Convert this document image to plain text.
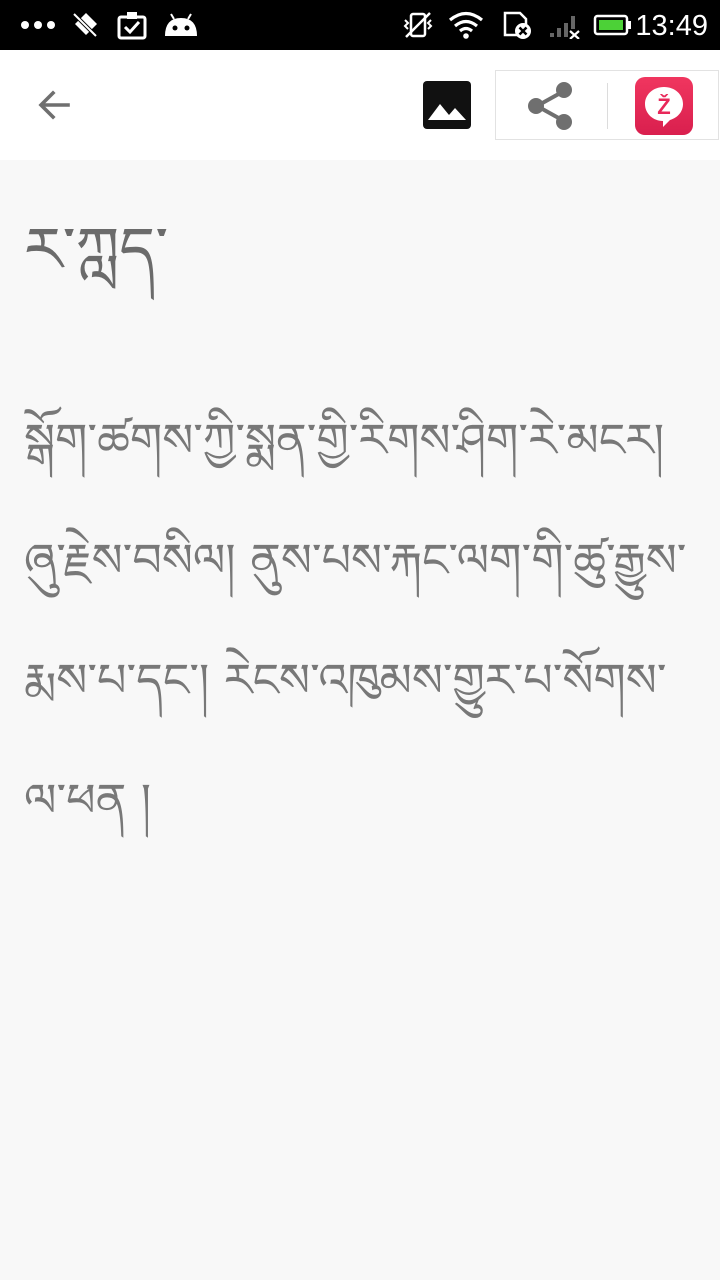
13:49
Ž
ར་ཀླད་

སྒོག་ཚགས་ཀྱི་སྨན་གྱི་རིགས་ཤིག་རེ་མངར། ཞུ་རྗེས་བསིལ། ནུས་པས་རྐང་ལག་གི་ཚུ་རྒྱུས་རྨས་པ་དང་། རེངས་འཁུམས་གྱུར་པ་སོགས་ལ་ཕན །
